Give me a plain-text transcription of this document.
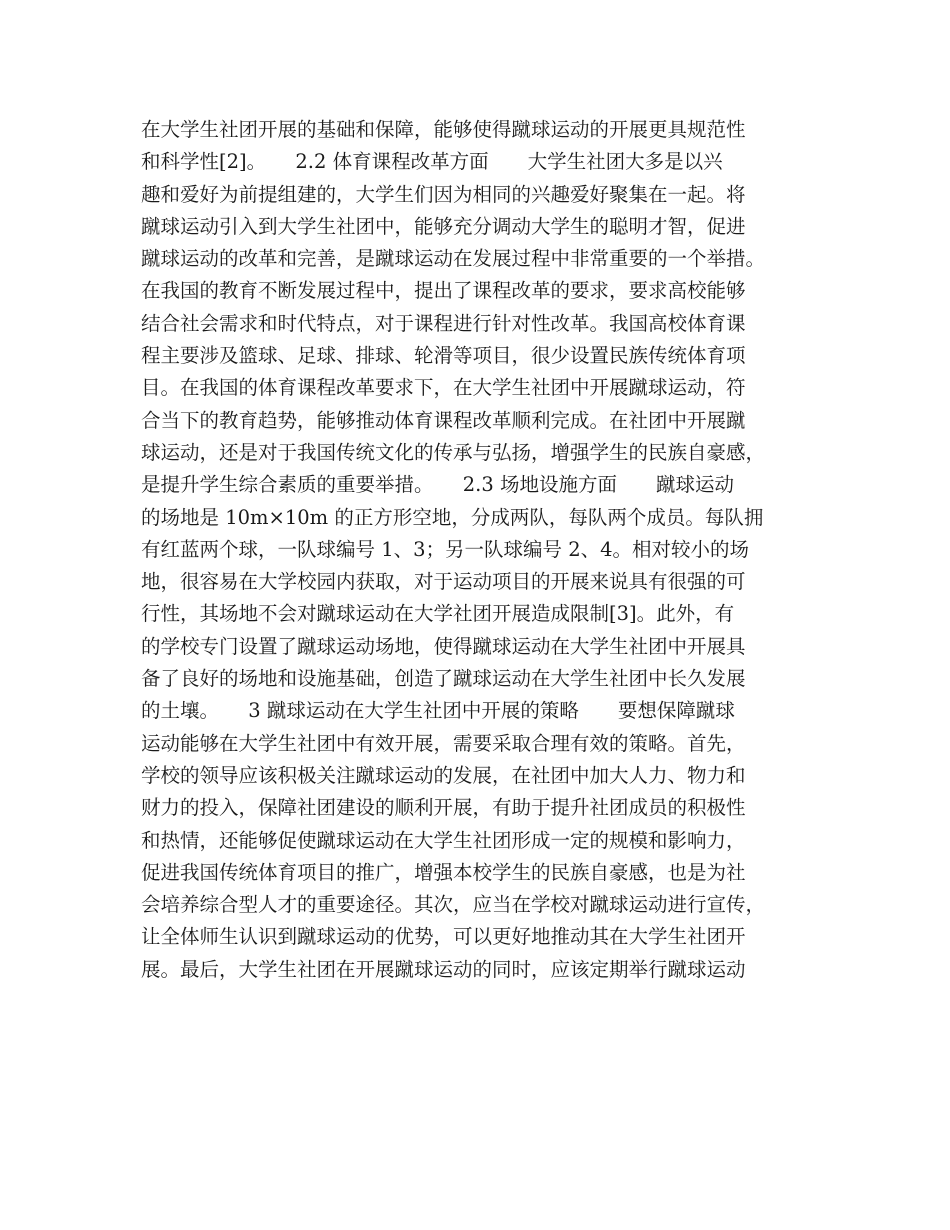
在大学生社团开展的基础和保障，能够使得蹴球运动的开展更具规范性
和科学性[2]。　　2.2 体育课程改革方面　　大学生社团大多是以兴
趣和爱好为前提组建的，大学生们因为相同的兴趣爱好聚集在一起。将
蹴球运动引入到大学生社团中，能够充分调动大学生的聪明才智，促进
蹴球运动的改革和完善，是蹴球运动在发展过程中非常重要的一个举措。
在我国的教育不断发展过程中，提出了课程改革的要求，要求高校能够
结合社会需求和时代特点，对于课程进行针对性改革。我国高校体育课
程主要涉及篮球、足球、排球、轮滑等项目，很少设置民族传统体育项
目。在我国的体育课程改革要求下，在大学生社团中开展蹴球运动，符
合当下的教育趋势，能够推动体育课程改革顺利完成。在社团中开展蹴
球运动，还是对于我国传统文化的传承与弘扬，增强学生的民族自豪感，
是提升学生综合素质的重要举措。　　2.3 场地设施方面　　蹴球运动
的场地是 10m×10m 的正方形空地，分成两队，每队两个成员。每队拥
有红蓝两个球，一队球编号 1、3；另一队球编号 2、4。相对较小的场
地，很容易在大学校园内获取，对于运动项目的开展来说具有很强的可
行性，其场地不会对蹴球运动在大学社团开展造成限制[3]。此外，有
的学校专门设置了蹴球运动场地，使得蹴球运动在大学生社团中开展具
备了良好的场地和设施基础，创造了蹴球运动在大学生社团中长久发展
的土壤。　　3 蹴球运动在大学生社团中开展的策略　　要想保障蹴球
运动能够在大学生社团中有效开展，需要采取合理有效的策略。首先，
学校的领导应该积极关注蹴球运动的发展，在社团中加大人力、物力和
财力的投入，保障社团建设的顺利开展，有助于提升社团成员的积极性
和热情，还能够促使蹴球运动在大学生社团形成一定的规模和影响力，
促进我国传统体育项目的推广，增强本校学生的民族自豪感，也是为社
会培养综合型人才的重要途径。其次，应当在学校对蹴球运动进行宣传，
让全体师生认识到蹴球运动的优势，可以更好地推动其在大学生社团开
展。最后，大学生社团在开展蹴球运动的同时，应该定期举行蹴球运动
